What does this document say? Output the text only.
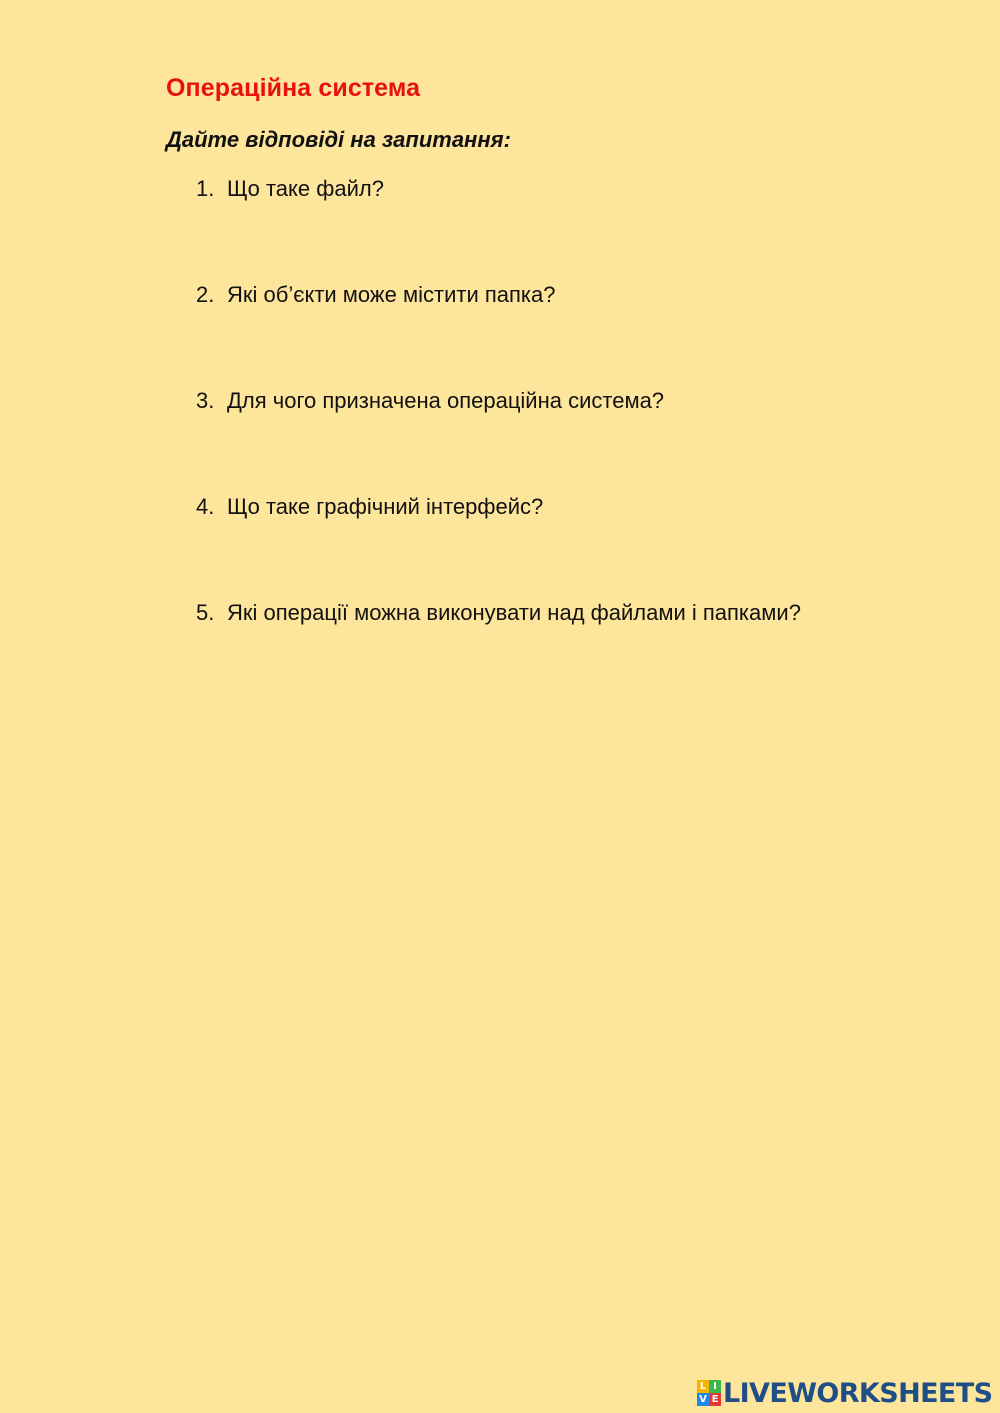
Операційна система
Дайте відповіді на запитання:
1. Що таке файл?
2. Які об’єкти може містити папка?
3. Для чого призначена операційна система?
4. Що таке графічний інтерфейс?
5. Які операції можна виконувати над файлами і папками?
L I
V E LIVEWORKSHEETS
